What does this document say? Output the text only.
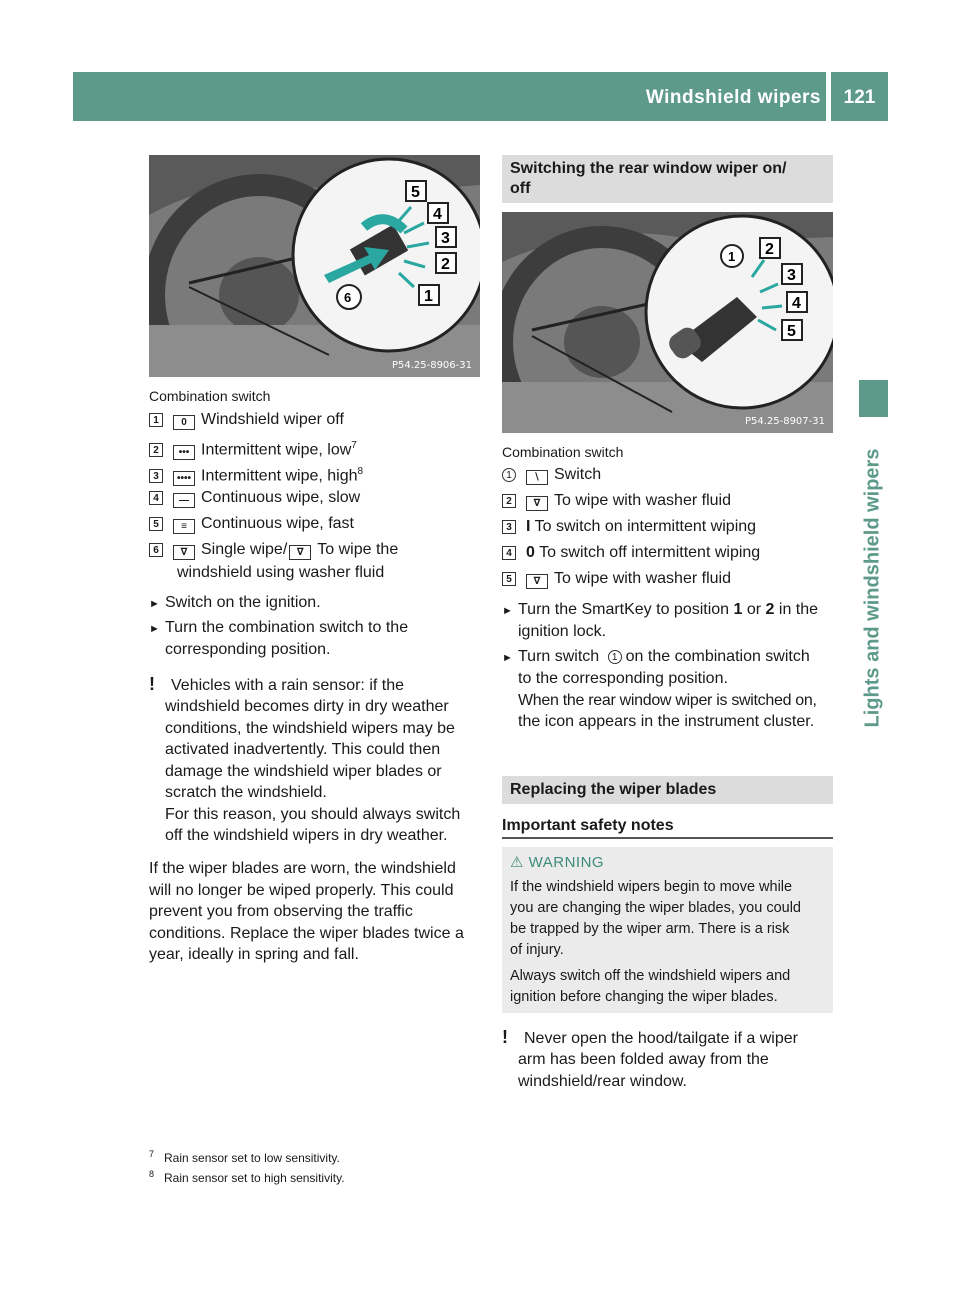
Windshield wipers	121
Lights and windshield wipers
5
4
3
2
6	1
P54.25-8906-31
Combination switch
1 0 Windshield wiper off
2 ••• Intermittent wipe, low$^7$
3 •••• Intermittent wipe, high$^8$
4 — Continuous wipe, slow
5 ≡ Continuous wipe, fast
6 ∇ Single wipe/ ∇ To wipe the
windshield using washer fluid
► Switch on the ignition.
► Turn the combination switch to the
corresponding position.
! Vehicles with a rain sensor: if the
windshield becomes dirty in dry weather
conditions, the windshield wipers may be
activated inadvertently. This could then
damage the windshield wiper blades or
scratch the windshield.
For this reason, you should always switch
off the windshield wipers in dry weather.
If the wiper blades are worn, the windshield
will no longer be wiped properly. This could
prevent you from observing the traffic
conditions. Replace the wiper blades twice a
year, ideally in spring and fall.
Switching the rear window wiper on/
off
1 2
3
4
5
P54.25-8907-31
Combination switch
1 ∖ Switch
2 ∇ To wipe with washer fluid
3 I To switch on intermittent wiping
4 0 To switch off intermittent wiping
5 ∇ To wipe with washer fluid
► Turn the SmartKey to position 1 or 2 in the
ignition lock.
► Turn switch 1 on the combination switch
to the corresponding position.
When the rear window wiper is switched on,
the icon appears in the instrument cluster.
Replacing the wiper blades
Important safety notes
⚠ WARNING
If the windshield wipers begin to move while
you are changing the wiper blades, you could
be trapped by the wiper arm. There is a risk
of injury.
Always switch off the windshield wipers and
ignition before changing the wiper blades.
! Never open the hood/tailgate if a wiper
arm has been folded away from the
windshield/rear window.
$^7$ Rain sensor set to low sensitivity.
$^8$ Rain sensor set to high sensitivity.
